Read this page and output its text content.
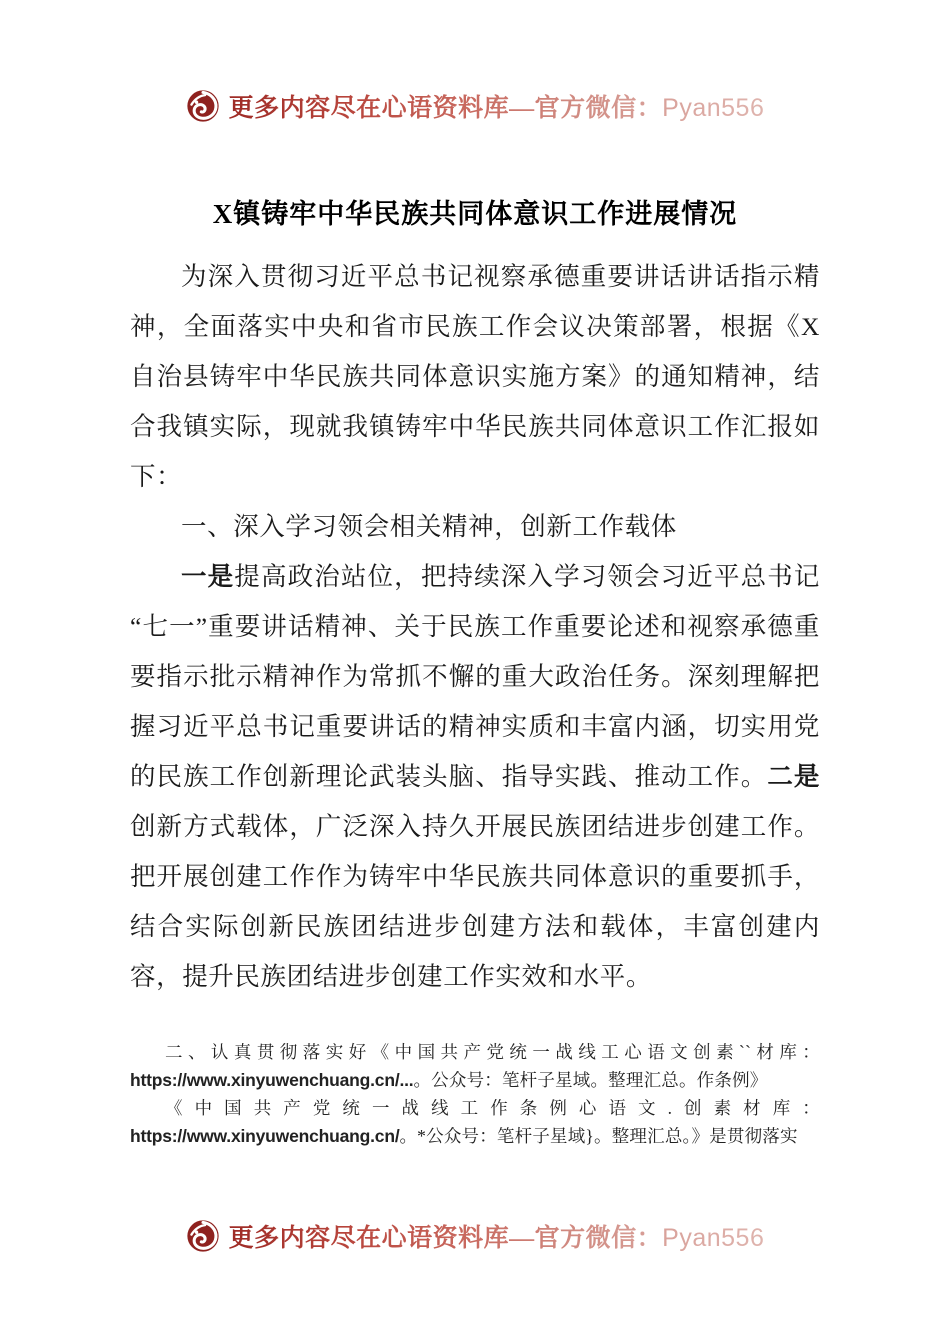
更多内容尽在心语资料库—官方微信：Pyan556
X镇铸牢中华民族共同体意识工作进展情况

为深入贯彻习近平总书记视察承德重要讲话讲话指示精神，全面落实中央和省市民族工作会议决策部署，根据《X自治县铸牢中华民族共同体意识实施方案》的通知精神，结合我镇实际，现就我镇铸牢中华民族共同体意识工作汇报如下：

一、深入学习领会相关精神，创新工作载体

一是提高政治站位，把持续深入学习领会习近平总书记“七一”重要讲话精神、关于民族工作重要论述和视察承德重要指示批示精神作为常抓不懈的重大政治任务。深刻理解把握习近平总书记重要讲话的精神实质和丰富内涵，切实用党的民族工作创新理论武装头脑、指导实践、推动工作。二是创新方式载体，广泛深入持久开展民族团结进步创建工作。把开展创建工作作为铸牢中华民族共同体意识的重要抓手，结合实际创新民族团结进步创建方法和载体，丰富创建内容，提升民族团结进步创建工作实效和水平。

二、认真贯彻落实好《中国共产党统一战线工心语文创素``材库：https://www.xinyuwenchuang.cn/...。公众号：笔杆子星域。整理汇总。作条例》

《中国共产党统一战线工作条例心语文.创素材库：https://www.xinyuwenchuang.cn/。*公众号：笔杆子星域}。整理汇总。》是贯彻落实

更多内容尽在心语资料库—官方微信：Pyan556
